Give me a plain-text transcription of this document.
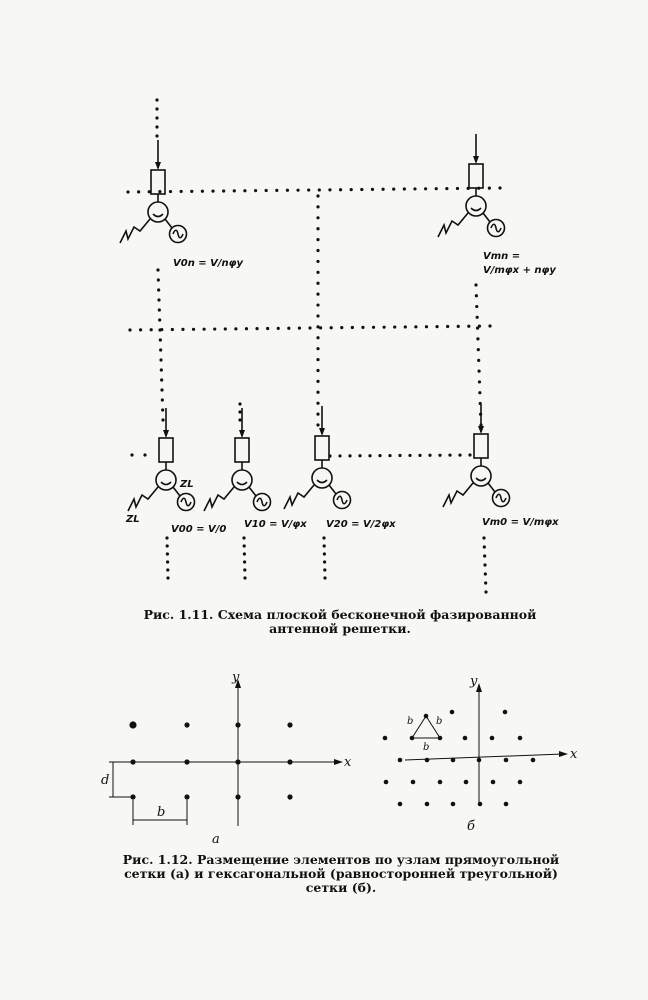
V0n = V/nφy
Vmn =
V/mφx + nφy
V00 = V/0 V10 = V/φx V20 = V/2φx	Vm0 = V/mφx
ZL
ZL
y
x
d
b
а
y
x
b b
b
б
Рис. 1.11. Схема плоской бесконечной фазированной антенной решетки.
Рис. 1.12. Размещение элементов по узлам прямоугольной сетки (а) и гексагональной (равносторонней треугольной) сетки (б).
